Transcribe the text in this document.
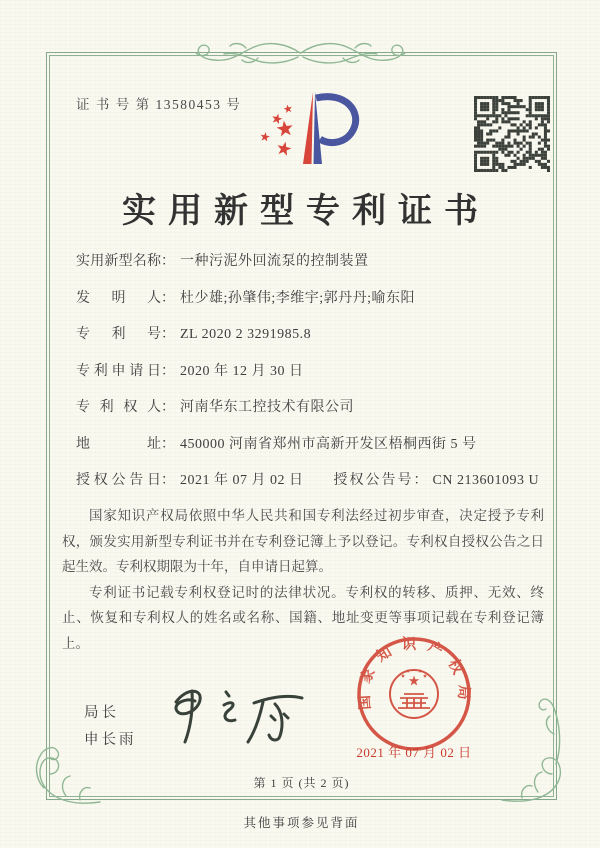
证 书 号 第 13580453 号
实用新型专利证书
实用新型名称 ： 一种污泥外回流泵的控制装置
发明人 ： 杜少雄;孙肇伟;李维宇;郭丹丹;喻东阳
专利号 ： ZL 2020 2 3291985.8
专利申请日 ： 2020 年 12 月 30 日
专利权人 ： 河南华东工控技术有限公司
地址 ： 450000 河南省郑州市高新开发区梧桐西街 5 号
授权公告日 ： 2021 年 07 月 02 日 授权公告号 ： CN 213601093 U

国家知识产权局依照中华人民共和国专利法经过初步审查，决定授予专利权，颁发实用新型专利证书并在专利登记簿上予以登记。专利权自授权公告之日起生效。专利权期限为十年，自申请日起算。

专利证书记载专利权登记时的法律状况。专利权的转移、质押、无效、终止、恢复和专利权人的姓名或名称、国籍、地址变更等事项记载在专利登记簿上。

局长
申长雨
国家知识产权局
2021 年 07 月 02 日
第 1 页 (共 2 页)
其他事项参见背面
